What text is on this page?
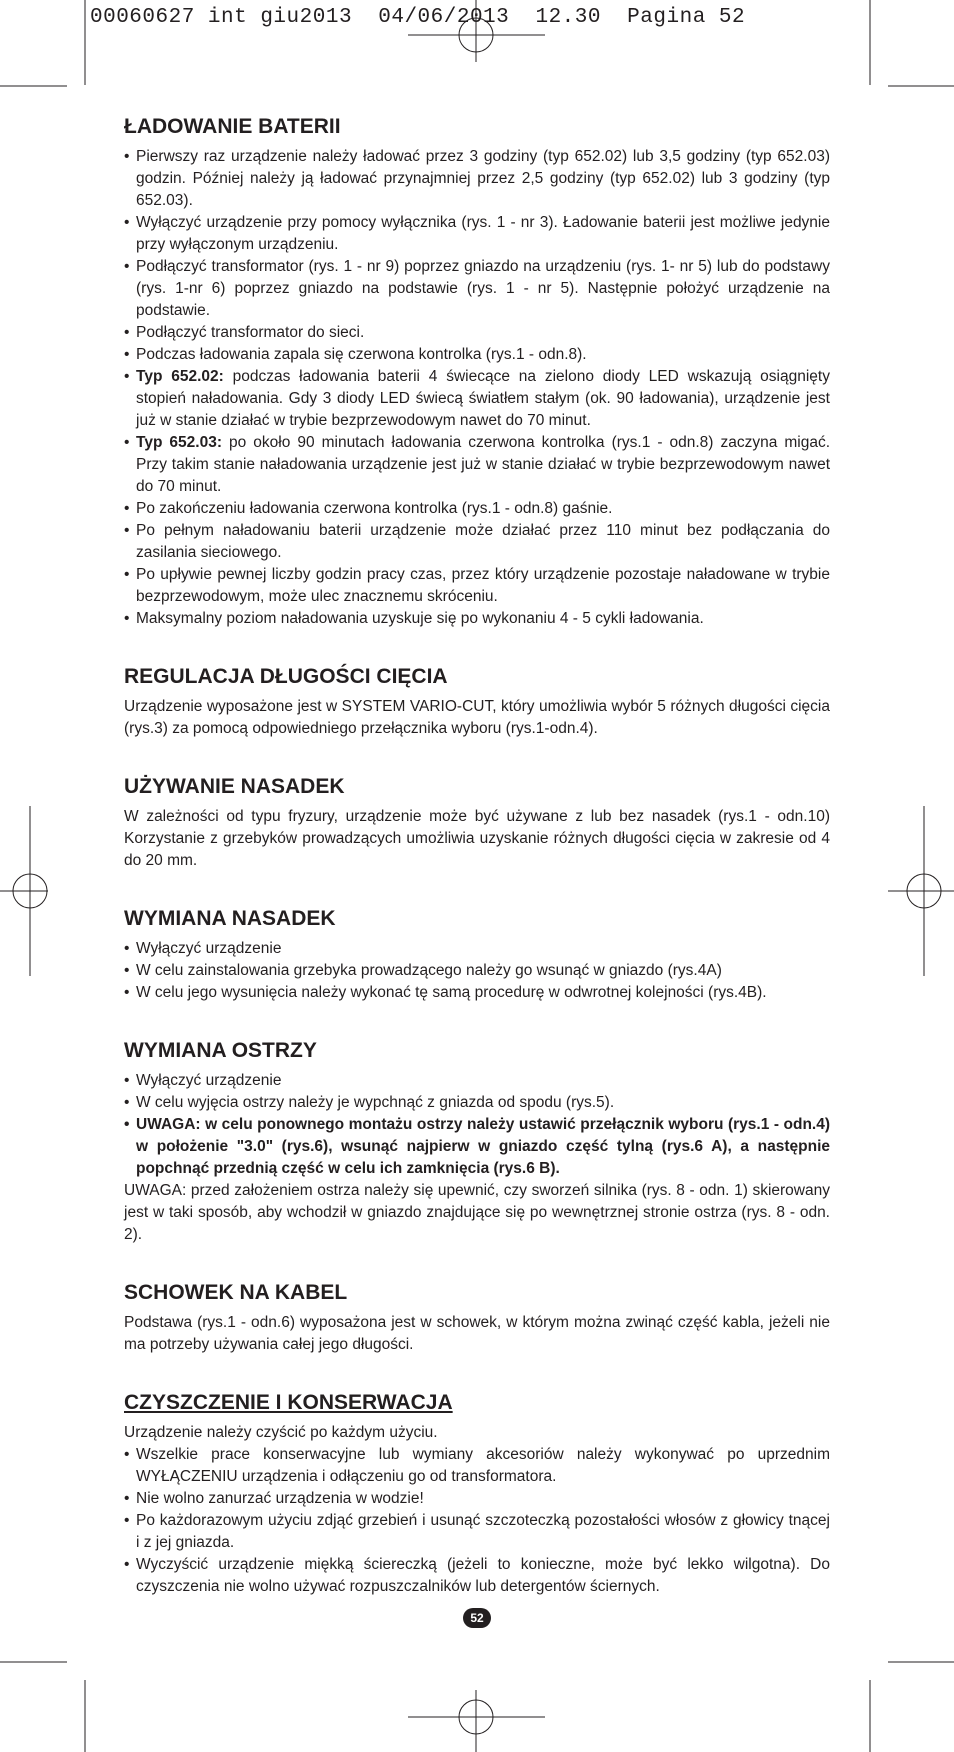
00060627 int giu2013  04/06/2013  12.30  Pagina 52
ŁADOWANIE BATERII
• Pierwszy raz urządzenie należy ładować przez 3 godziny (typ 652.02) lub 3,5 godziny (typ 652.03) godzin. Później należy ją ładować przynajmniej przez 2,5 godziny (typ 652.02) lub 3 godziny (typ 652.03).
• Wyłączyć urządzenie przy pomocy wyłącznika (rys. 1 - nr 3). Ładowanie baterii jest możliwe jedynie przy wyłączonym urządzeniu.
• Podłączyć transformator (rys. 1 - nr 9) poprzez gniazdo na urządzeniu (rys. 1- nr 5) lub do podstawy (rys. 1-nr 6) poprzez gniazdo na podstawie (rys. 1 - nr 5). Następnie położyć urządzenie na podstawie.
• Podłączyć transformator do sieci.
• Podczas ładowania zapala się czerwona kontrolka (rys.1 - odn.8).
• Typ 652.02: podczas ładowania baterii 4 świecące na zielono diody LED wskazują osiągnięty stopień naładowania. Gdy 3 diody LED świecą światłem stałym (ok. 90 ładowania), urządzenie jest już w stanie działać w trybie bezprzewodowym nawet do 70 minut.
• Typ 652.03: po około 90 minutach ładowania czerwona kontrolka (rys.1 - odn.8) zaczyna migać. Przy takim stanie naładowania urządzenie jest już w stanie działać w trybie bezprzewodowym nawet do 70 minut.
• Po zakończeniu ładowania czerwona kontrolka (rys.1 - odn.8) gaśnie.
• Po pełnym naładowaniu baterii urządzenie może działać przez 110 minut bez podłączania do zasilania sieciowego.
• Po upływie pewnej liczby godzin pracy czas, przez który urządzenie pozostaje naładowane w trybie bezprzewodowym, może ulec znacznemu skróceniu.
• Maksymalny poziom naładowania uzyskuje się po wykonaniu 4 - 5 cykli ładowania.
REGULACJA DŁUGOŚCI CIĘCIA

Urządzenie wyposażone jest w SYSTEM VARIO-CUT, który umożliwia wybór 5 różnych długości cięcia (rys.3) za pomocą odpowiedniego przełącznika wyboru (rys.1-odn.4).

UŻYWANIE NASADEK

W zależności od typu fryzury, urządzenie może być używane z lub bez nasadek (rys.1 - odn.10) Korzystanie z grzebyków prowadzących umożliwia uzyskanie różnych długości cięcia w zakresie od 4 do 20 mm.

WYMIANA NASADEK
• Wyłączyć urządzenie
• W celu zainstalowania grzebyka prowadzącego należy go wsunąć w gniazdo (rys.4A)
• W celu jego wysunięcia należy wykonać tę samą procedurę w odwrotnej kolejności (rys.4B).
WYMIANA OSTRZY
• Wyłączyć urządzenie
• W celu wyjęcia ostrzy należy je wypchnąć z gniazda od spodu (rys.5).
• UWAGA: w celu ponownego montażu ostrzy należy ustawić przełącznik wyboru (rys.1 - odn.4) w położenie "3.0" (rys.6), wsunąć najpierw w gniazdo część tylną (rys.6 A), a następnie popchnąć przednią część w celu ich zamknięcia (rys.6 B).

UWAGA: przed założeniem ostrza należy się upewnić, czy sworzeń silnika (rys. 8 - odn. 1) skierowany jest w taki sposób, aby wchodził w gniazdo znajdujące się po wewnętrznej stronie ostrza (rys. 8 - odn. 2).

SCHOWEK NA KABEL

Podstawa (rys.1 - odn.6) wyposażona jest w schowek, w którym można zwinąć część kabla, jeżeli nie ma potrzeby używania całej jego długości.

CZYSZCZENIE I KONSERWACJA

Urządzenie należy czyścić po każdym użyciu.

• Wszelkie prace konserwacyjne lub wymiany akcesoriów należy wykonywać po uprzednim WYŁĄCZENIU urządzenia i odłączeniu go od transformatora.
• Nie wolno zanurzać urządzenia w wodzie!
• Po każdorazowym użyciu zdjąć grzebień i usunąć szczoteczką pozostałości włosów z głowicy tnącej i z jej gniazda.
• Wyczyścić urządzenie miękką ściereczką (jeżeli to konieczne, może być lekko wilgotna). Do czyszczenia nie wolno używać rozpuszczalników lub detergentów ściernych.
52
